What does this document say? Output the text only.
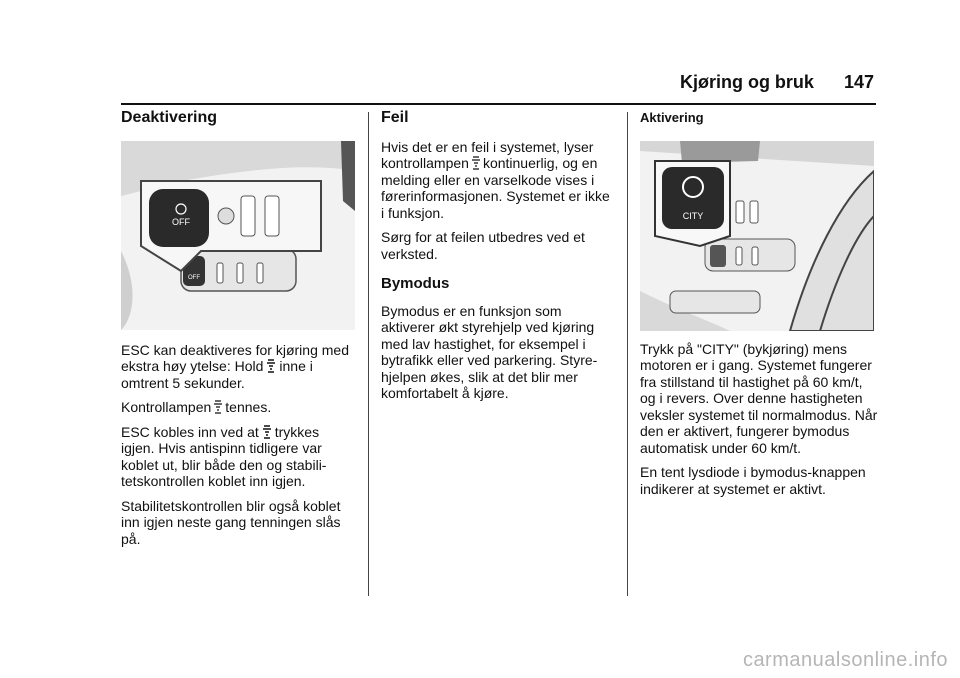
Kjøring og bruk 147
Deaktivering
OFF
OFF

ESC kan deaktiveres for kjøring med ekstra høy ytelse: Hold inne i omtrent 5 sekunder.

Kontrollampen tennes.

ESC kobles inn ved at trykkes igjen. Hvis antispinn tidligere var koblet ut, blir både den og stabili-tetskontrollen koblet inn igjen.

Stabilitetskontrollen blir også koblet inn igjen neste gang tenningen slås på.

Feil

Hvis det er en feil i systemet, lyser kontrollampen kontinuerlig, og en melding eller en varselkode vises i førerinformasjonen. Systemet er ikke i funksjon.

Sørg for at feilen utbedres ved et verksted.

Bymodus

Bymodus er en funksjon som aktiverer økt styrehjelp ved kjøring med lav hastighet, for eksempel i bytrafikk eller ved parkering. Styre-hjelpen økes, slik at det blir mer komfortabelt å kjøre.

Aktivering
CITY

Trykk på "CITY" (bykjøring) mens motoren er i gang. Systemet fungerer fra stillstand til hastighet på 60 km/t, og i revers. Over denne hastigheten veksler systemet til normalmodus. Når den er aktivert, fungerer bymodus automatisk under 60 km/t.

En tent lysdiode i bymodus-knappen indikerer at systemet er aktivt.

carmanualsonline.info
